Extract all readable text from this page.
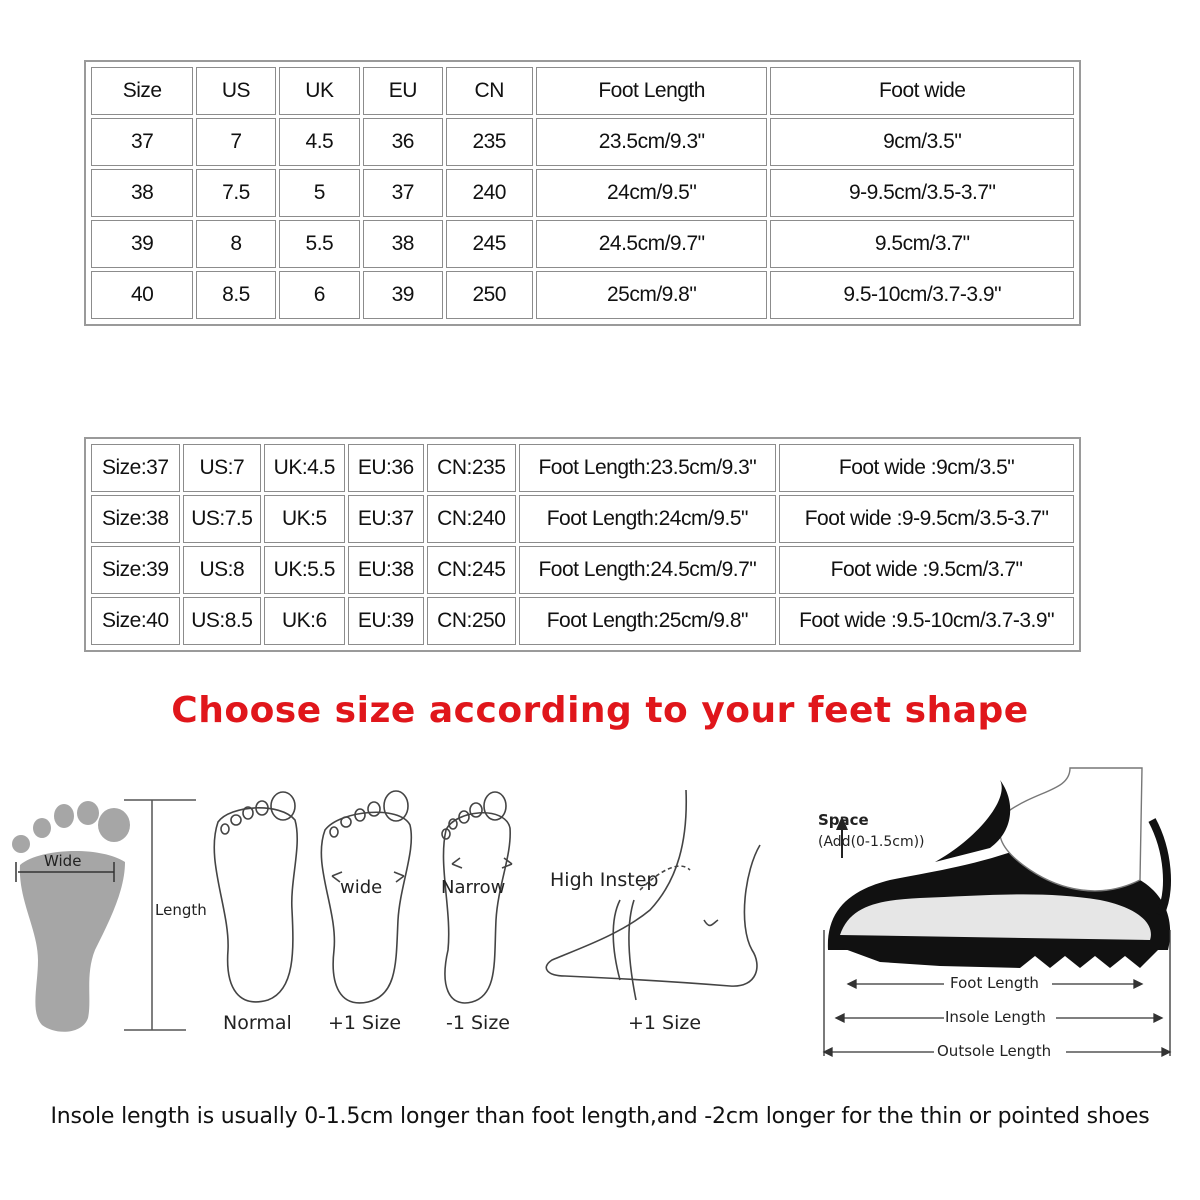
Size	US	UK	EU	CN	Foot Length	Foot wide
37	7	4.5	36	235	23.5cm/9.3"	9cm/3.5"
38	7.5	5	37	240	24cm/9.5"	9-9.5cm/3.5-3.7"
39	8	5.5	38	245	24.5cm/9.7"	9.5cm/3.7"
40	8.5	6	39	250	25cm/9.8"	9.5-10cm/3.7-3.9"
Size:37	US:7	UK:4.5	EU:36	CN:235	Foot Length:23.5cm/9.3"	Foot wide :9cm/3.5"
Size:38	US:7.5	UK:5	EU:37	CN:240	Foot Length:24cm/9.5"	Foot wide :9-9.5cm/3.5-3.7"
Size:39	US:8	UK:5.5	EU:38	CN:245	Foot Length:24.5cm/9.7"	Foot wide :9.5cm/3.7"
Size:40	US:8.5	UK:6	EU:39	CN:250	Foot Length:25cm/9.8"	Foot wide :9.5-10cm/3.7-3.9"
Choose size according to your feet shape
Wide
Length
Normal
wide
+1 Size
Narrow
-1 Size
High Instep
+1 Size
Space
(Add(0-1.5cm))
Foot Length
Insole Length
Outsole Length
Insole length is usually 0-1.5cm longer than foot length,and -2cm longer for the thin or pointed shoes
